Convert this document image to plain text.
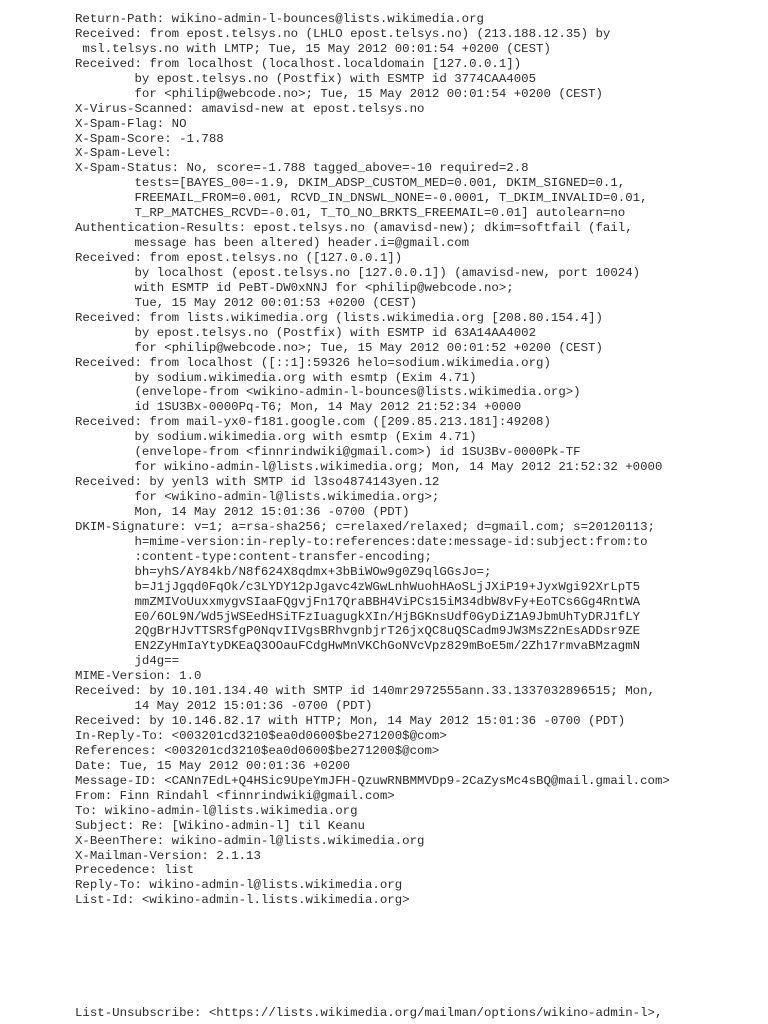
Return-Path: wikino-admin-l-bounces@lists.wikimedia.org
Received: from epost.telsys.no (LHLO epost.telsys.no) (213.188.12.35) by
msl.telsys.no with LMTP; Tue, 15 May 2012 00:01:54 +0200 (CEST)
Received: from localhost (localhost.localdomain [127.0.0.1])
by epost.telsys.no (Postfix) with ESMTP id 3774CAA4005
for <philip@webcode.no>; Tue, 15 May 2012 00:01:54 +0200 (CEST)
X-Virus-Scanned: amavisd-new at epost.telsys.no
X-Spam-Flag: NO
X-Spam-Score: -1.788
X-Spam-Level:
X-Spam-Status: No, score=-1.788 tagged_above=-10 required=2.8
tests=[BAYES_00=-1.9, DKIM_ADSP_CUSTOM_MED=0.001, DKIM_SIGNED=0.1,
FREEMAIL_FROM=0.001, RCVD_IN_DNSWL_NONE=-0.0001, T_DKIM_INVALID=0.01,
T_RP_MATCHES_RCVD=-0.01, T_TO_NO_BRKTS_FREEMAIL=0.01] autolearn=no
Authentication-Results: epost.telsys.no (amavisd-new); dkim=softfail (fail,
message has been altered) header.i=@gmail.com
Received: from epost.telsys.no ([127.0.0.1])
by localhost (epost.telsys.no [127.0.0.1]) (amavisd-new, port 10024)
with ESMTP id PeBT-DW0xNNJ for <philip@webcode.no>;
Tue, 15 May 2012 00:01:53 +0200 (CEST)
Received: from lists.wikimedia.org (lists.wikimedia.org [208.80.154.4])
by epost.telsys.no (Postfix) with ESMTP id 63A14AA4002
for <philip@webcode.no>; Tue, 15 May 2012 00:01:52 +0200 (CEST)
Received: from localhost ([::1]:59326 helo=sodium.wikimedia.org)
by sodium.wikimedia.org with esmtp (Exim 4.71)
(envelope-from <wikino-admin-l-bounces@lists.wikimedia.org>)
id 1SU3Bx-0000Pq-T6; Mon, 14 May 2012 21:52:34 +0000
Received: from mail-yx0-f181.google.com ([209.85.213.181]:49208)
by sodium.wikimedia.org with esmtp (Exim 4.71)
(envelope-from <finnrindwiki@gmail.com>) id 1SU3Bv-0000Pk-TF
for wikino-admin-l@lists.wikimedia.org; Mon, 14 May 2012 21:52:32 +0000
Received: by yenl3 with SMTP id l3so4874143yen.12
for <wikino-admin-l@lists.wikimedia.org>;
Mon, 14 May 2012 15:01:36 -0700 (PDT)
DKIM-Signature: v=1; a=rsa-sha256; c=relaxed/relaxed; d=gmail.com; s=20120113;
h=mime-version:in-reply-to:references:date:message-id:subject:from:to
:content-type:content-transfer-encoding;
bh=yhS/AY84kb/N8f624X8qdmx+3bBiWOw9g0Z9qlGGsJo=;
b=J1jJgqd0FqOk/c3LYDY12pJgavc4zWGwLnhWuohHAoSLjJXiP19+JyxWgi92XrLpT5
mmZMIVoUuxxmygvSIaaFQgvjFn17QraBBH4ViPCs15iM34dbW8vFy+EoTCs6Gg4RntWA
E0/6OL9N/Wd5jWSEedHSiTFzIuagugkXIn/HjBGKnsUdf0GyDiZ1A9JbmUhTyDRJ1fLY
2QgBrHJvTTSRSfgP0NqvIIVgsBRhvgnbjrT26jxQC8uQSCadm9JW3MsZ2nEsADDsr9ZE
EN2ZyHmIaYtyDKEaQ3OOauFCdgHwMnVKChGoNVcVpz829mBoE5m/2Zh17rmvaBMzagmN
jd4g==
MIME-Version: 1.0
Received: by 10.101.134.40 with SMTP id 140mr2972555ann.33.1337032896515; Mon,
14 May 2012 15:01:36 -0700 (PDT)
Received: by 10.146.82.17 with HTTP; Mon, 14 May 2012 15:01:36 -0700 (PDT)
In-Reply-To: <003201cd3210$ea0d0600$be271200$@com>
References: <003201cd3210$ea0d0600$be271200$@com>
Date: Tue, 15 May 2012 00:01:36 +0200
Message-ID: <CANn7EdL+Q4HSic9UpeYmJFH-QzuwRNBMMVDp9-2CaZysMc4sBQ@mail.gmail.com>
From: Finn Rindahl <finnrindwiki@gmail.com>
To: wikino-admin-l@lists.wikimedia.org
Subject: Re: [Wikino-admin-l] til Keanu
X-BeenThere: wikino-admin-l@lists.wikimedia.org
X-Mailman-Version: 2.1.13
Precedence: list
Reply-To: wikino-admin-l@lists.wikimedia.org
List-Id: <wikino-admin-l.lists.wikimedia.org>
List-Unsubscribe: <https://lists.wikimedia.org/mailman/options/wikino-admin-l>,
